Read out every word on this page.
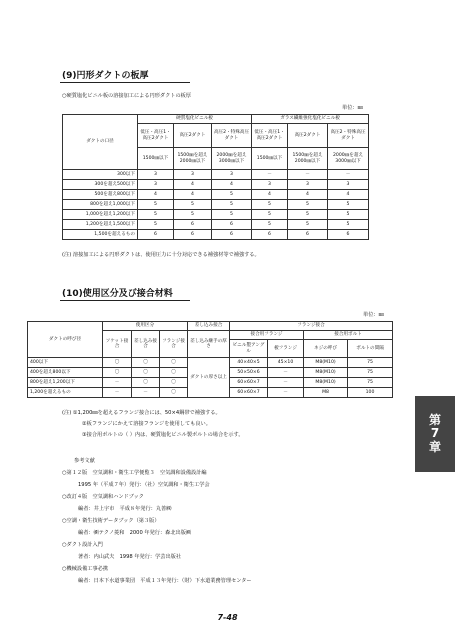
(9)円形ダクトの板厚
○硬質塩化ビニル板の溶接加工による円形ダクトの板厚
単位：㎜
ダクトの口径	硬質塩化ビニル板			ガラス繊維強化塩化ビニル板		
	低圧・高圧1・高圧2ダクト	高圧2ダクト	高圧2・特殊高圧ダクト	低圧・高圧1・高圧2ダクト	高圧2ダクト	高圧2・特殊高圧ダクト
	1500㎜以下	1500㎜を超え2000㎜以下	2000㎜を超え3000㎜以下	1500㎜以下	1500㎜を超え2000㎜以下	2000㎜を超え3000㎜以下
300以下	3	3	3	－	－	－
300を超え500以下	3	4	4	3	3	3
500を超え800以下	4	4	5	4	4	4
800を超え1,000以下	5	5	5	5	5	5
1,000を超え1,200以下	5	5	5	5	5	5
1,200を超え1,500以下	5	6	6	5	5	5
1,500を超えるもの	6	6	6	6	6	6
(注) 溶接加工による円形ダクトは、使用圧力に十分対応できる補強材等で補強する。
(10)使用区分及び接合材料
単位：㎜
ダクトの呼び径	使用区分			差し込み接合	フランジ接合			
	ソケット接合	差し込み接合	フランジ接合	差し込み継手の厚さ	接合用フランジ		接合用ボルト	
					ビニル製アングル	板フランジ	ネジの呼び	ボルトの間隔
400以下	〇	〇	〇	ダクトの厚さ以上	40×40×5	45×10	M8(M10)	75
400を超え800以下	〇	〇	〇		50×50×6	－	M8(M10)	75
800を超え1,200以下	－	〇	〇		60×60×7	－	M8(M10)	75
1,200を超えるもの	－	－	〇		60×60×7	－	M8	100
(注) ①1,200㎜を超えるフランジ接合には、50×4鋼帯で補強する。
②板フランジにかえて溶接フランジを使用しても良い。
③接合用ボルトの（ ）内は、硬質塩化ビニル製ボルトの場合を示す。
参考文献
○第１２版　空気調和・衛生工学便覧３　空気調和設備設計編
1995 年（平成７年）発行：（社）空気調和・衛生工学会
○改訂４版　空気調和ハンドブック
編者：井上宇市　平成８年発行：丸善㈱
○空調・衛生技術データブック（第３版）
編者：㈱テクノ菱和　2000 年発行：森北出版㈱
○ダクト設計入門
著者：内山武夫　1998 年発行：学芸出版社
○機械設備工事必携
編者：日本下水道事業団　平成１３年発行：（財）下水道業務管理センター
第
7
章
7-48
